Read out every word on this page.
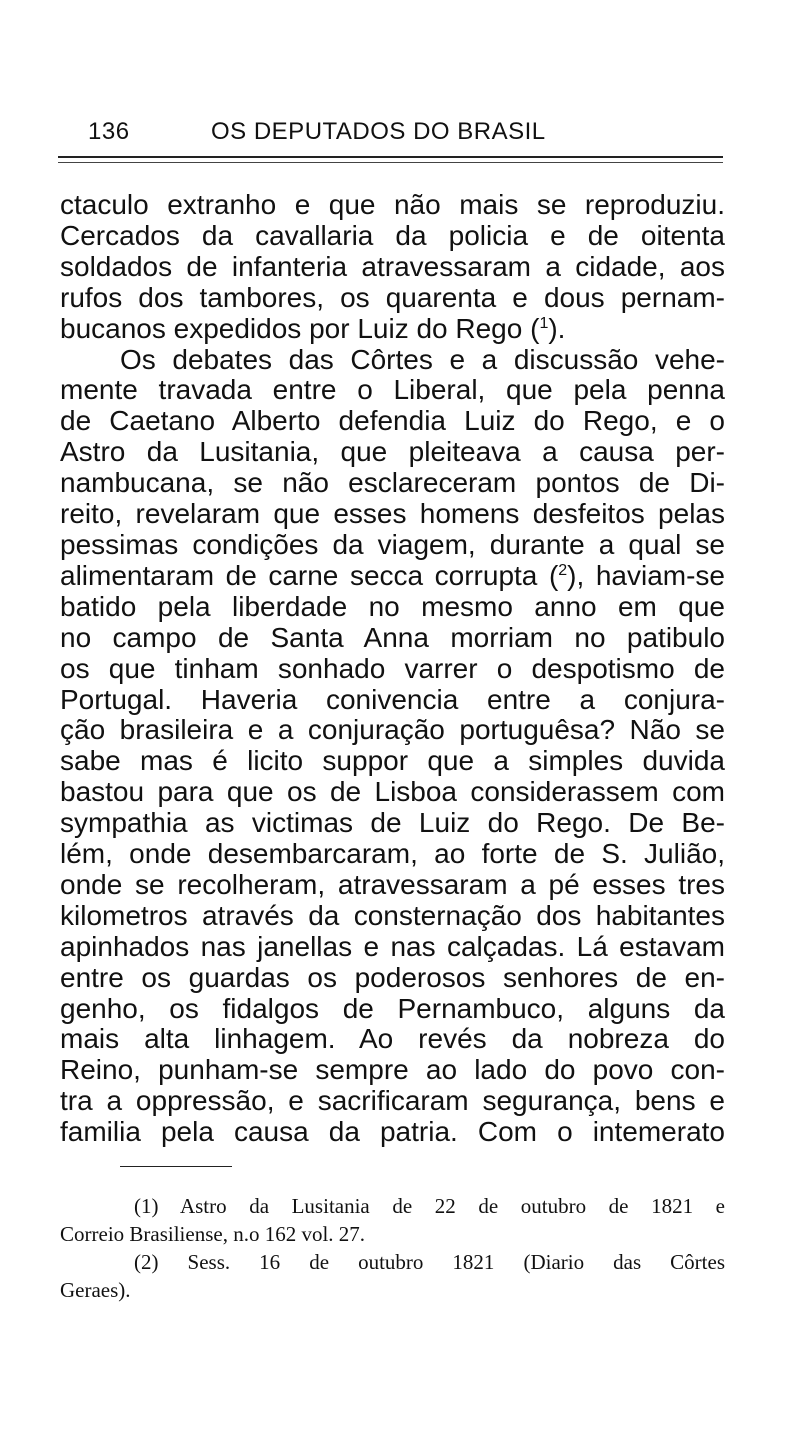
136	OS DEPUTADOS DO BRASIL

ctaculo extranho e que não mais se reproduziu.
Cercados da cavallaria da policia e de oitenta
soldados de infanteria atravessaram a cidade, aos
rufos dos tambores, os quarenta e dous pernam-
bucanos expedidos por Luiz do Rego ($^1$).

Os debates das Côrtes e a discussão vehe-

mente travada entre o Liberal, que pela penna
de Caetano Alberto defendia Luiz do Rego, e o
Astro da Lusitania, que pleiteava a causa per-
nambucana, se não esclareceram pontos de Di-
reito, revelaram que esses homens desfeitos pelas
pessimas condições da viagem, durante a qual se
alimentaram de carne secca corrupta ($^2$), haviam-se
batido pela liberdade no mesmo anno em que
no campo de Santa Anna morriam no patibulo
os que tinham sonhado varrer o despotismo de
Portugal. Haveria conivencia entre a conjura-
ção brasileira e a conjuração portuguêsa? Não se
sabe mas é licito suppor que a simples duvida
bastou para que os de Lisboa considerassem com
sympathia as victimas de Luiz do Rego. De Be-
lém, onde desembarcaram, ao forte de S. Julião,
onde se recolheram, atravessaram a pé esses tres
kilometros através da consternação dos habitantes
apinhados nas janellas e nas calçadas. Lá estavam
entre os guardas os poderosos senhores de en-
genho, os fidalgos de Pernambuco, alguns da
mais alta linhagem. Ao revés da nobreza do
Reino, punham-se sempre ao lado do povo con-
tra a oppressão, e sacrificaram segurança, bens e
familia pela causa da patria. Com o intemerato

(1) Astro da Lusitania de 22 de outubro de 1821 e
Correio Brasiliense, n.o 162 vol. 27.
(2) Sess. 16 de outubro 1821 (Diario das Côrtes
Geraes).
